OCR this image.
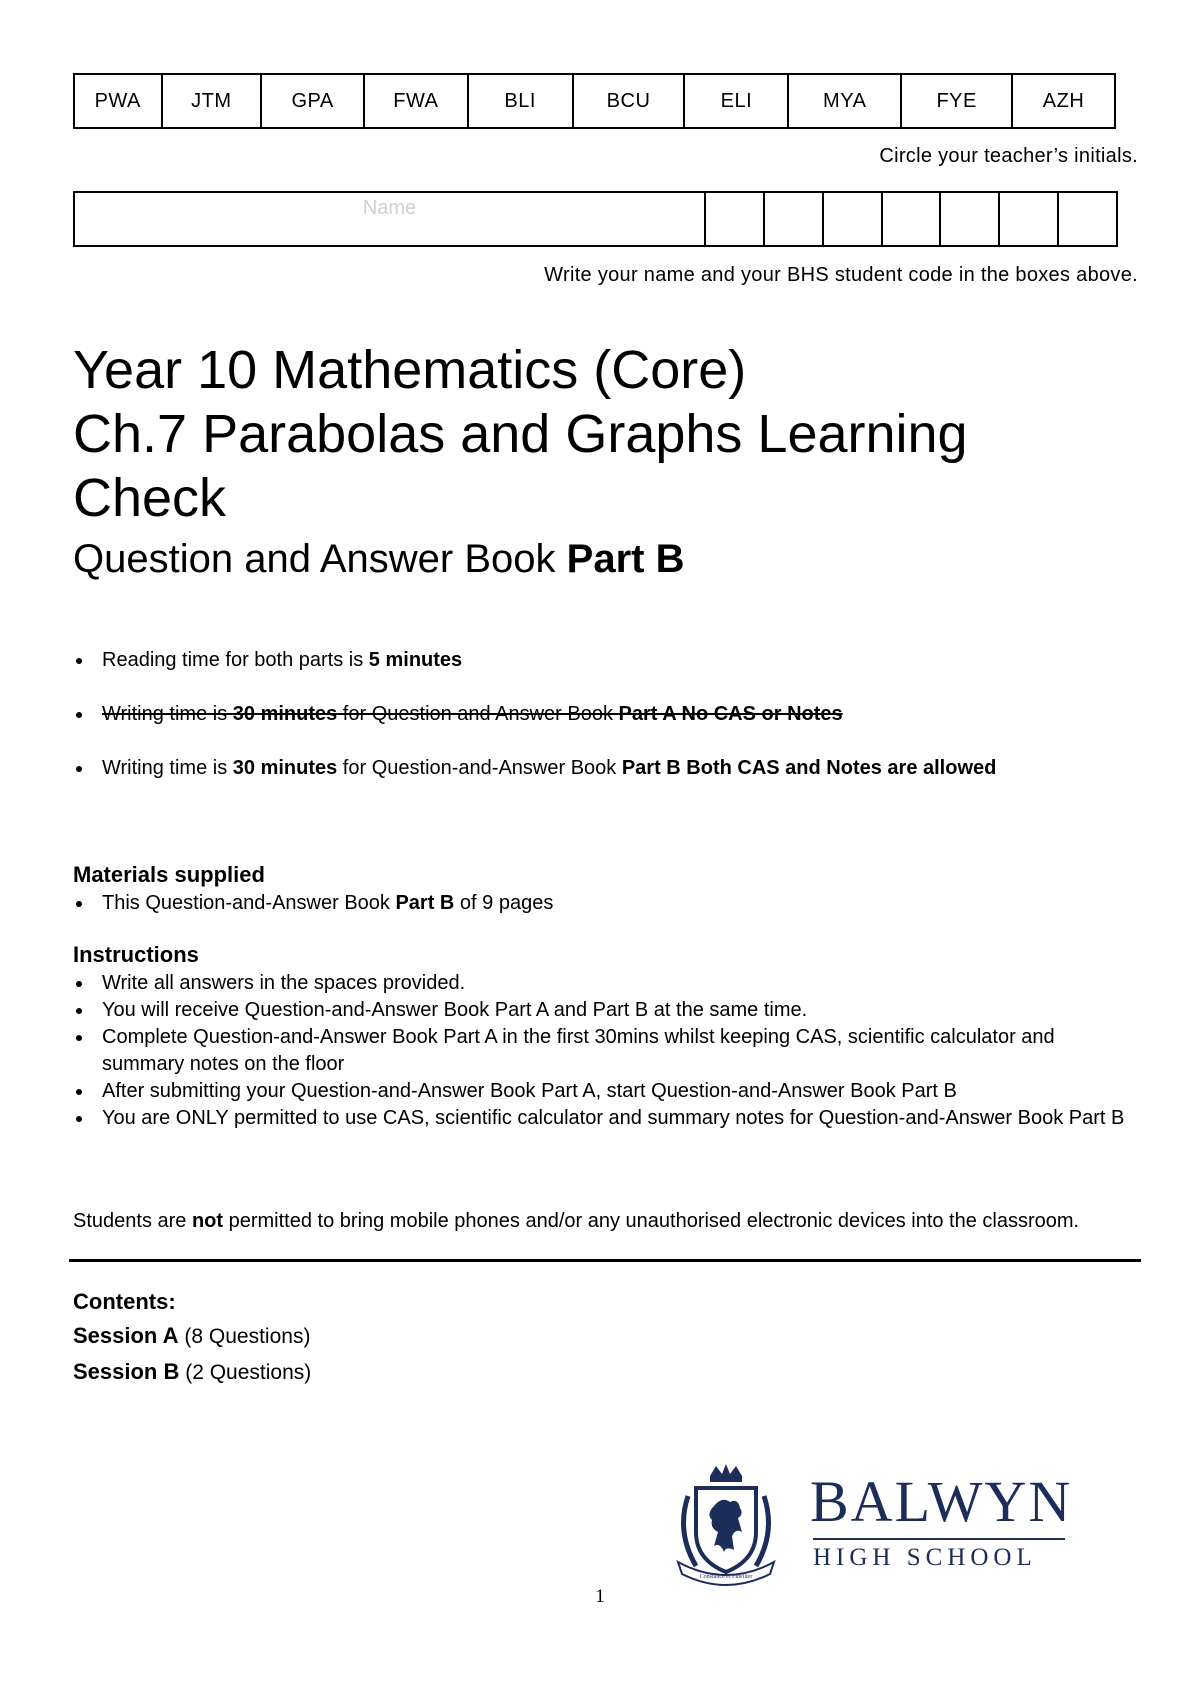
PWA	JTM	GPA	FWA	BLI	BCU	ELI	MYA	FYE	AZH
Circle your teacher’s initials.
Name							
Write your name and your BHS student code in the boxes above.
Year 10 Mathematics (Core)
Ch.7 Parabolas and Graphs Learning Check
Question and Answer Book Part B
Reading time for both parts is 5 minutes
Writing time is 30 minutes for Question and Answer Book Part A No CAS or Notes
Writing time is 30 minutes for Question-and-Answer Book Part B Both CAS and Notes are allowed
Materials supplied
This Question-and-Answer Book Part B of 9 pages
Instructions
Write all answers in the spaces provided.
You will receive Question-and-Answer Book Part A and Part B at the same time.
Complete Question-and-Answer Book Part A in the first 30mins whilst keeping CAS, scientific calculator and summary notes on the floor
After submitting your Question-and-Answer Book Part A, start Question-and-Answer Book Part B
You are ONLY permitted to use CAS, scientific calculator and summary notes for Question-and-Answer Book Part B
Students are not permitted to bring mobile phones and/or any unauthorised electronic devices into the classroom.
Contents:
Session A (8 Questions)
Session B (2 Questions)
Constance et Fideliter
BALWYN
HIGH SCHOOL
1
